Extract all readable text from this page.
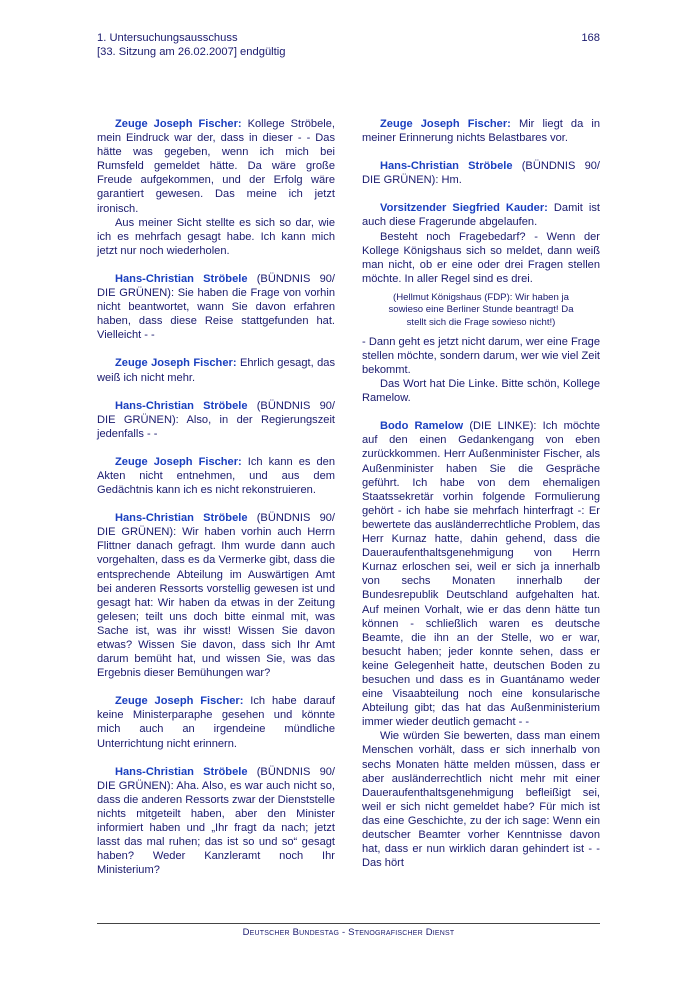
1. Untersuchungsausschuss	168
[33. Sitzung am 26.02.2007] endgültig

Zeuge Joseph Fischer: Kollege Ströbele, mein Eindruck war der, dass in dieser - - Das hätte was gegeben, wenn ich mich bei Rumsfeld gemeldet hätte. Da wäre große Freude aufgekommen, und der Erfolg wäre garantiert gewesen. Das meine ich jetzt ironisch.

Aus meiner Sicht stellte es sich so dar, wie ich es mehrfach gesagt habe. Ich kann mich jetzt nur noch wiederholen.

Hans-Christian Ströbele (BÜNDNIS 90/ DIE GRÜNEN): Sie haben die Frage von vorhin nicht beantwortet, wann Sie davon erfahren haben, dass diese Reise stattgefunden hat. Vielleicht - -

Zeuge Joseph Fischer: Ehrlich gesagt, das weiß ich nicht mehr.

Hans-Christian Ströbele (BÜNDNIS 90/ DIE GRÜNEN): Also, in der Regierungszeit jedenfalls - -

Zeuge Joseph Fischer: Ich kann es den Akten nicht entnehmen, und aus dem Gedächtnis kann ich es nicht rekonstruieren.

Hans-Christian Ströbele (BÜNDNIS 90/ DIE GRÜNEN): Wir haben vorhin auch Herrn Flittner danach gefragt. Ihm wurde dann auch vorgehalten, dass es da Vermerke gibt, dass die entsprechende Abteilung im Auswärtigen Amt bei anderen Ressorts vorstellig gewesen ist und gesagt hat: Wir haben da etwas in der Zeitung gelesen; teilt uns doch bitte einmal mit, was Sache ist, was ihr wisst! Wissen Sie davon etwas? Wissen Sie davon, dass sich Ihr Amt darum bemüht hat, und wissen Sie, was das Ergebnis dieser Bemühungen war?

Zeuge Joseph Fischer: Ich habe darauf keine Ministerparaphe gesehen und könnte mich auch an irgendeine mündliche Unterrichtung nicht erinnern.

Hans-Christian Ströbele (BÜNDNIS 90/ DIE GRÜNEN): Aha. Also, es war auch nicht so, dass die anderen Ressorts zwar der Dienststelle nichts mitgeteilt haben, aber den Minister informiert haben und „Ihr fragt da nach; jetzt lasst das mal ruhen; das ist so und so“ gesagt haben? Weder Kanzleramt noch Ihr Ministerium?

Zeuge Joseph Fischer: Mir liegt da in meiner Erinnerung nichts Belastbares vor.

Hans-Christian Ströbele (BÜNDNIS 90/ DIE GRÜNEN): Hm.

Vorsitzender Siegfried Kauder: Damit ist auch diese Fragerunde abgelaufen.

Besteht noch Fragebedarf? - Wenn der Kollege Königshaus sich so meldet, dann weiß man nicht, ob er eine oder drei Fragen stellen möchte. In aller Regel sind es drei.

(Hellmut Königshaus (FDP): Wir haben ja sowieso eine Berliner Stunde beantragt! Da stellt sich die Frage sowieso nicht!)

- Dann geht es jetzt nicht darum, wer eine Frage stellen möchte, sondern darum, wer wie viel Zeit bekommt.

Das Wort hat Die Linke. Bitte schön, Kollege Ramelow.

Bodo Ramelow (DIE LINKE): Ich möchte auf den einen Gedankengang von eben zurückkommen. Herr Außenminister Fischer, als Außenminister haben Sie die Gespräche geführt. Ich habe von dem ehemaligen Staatssekretär vorhin folgende Formulierung gehört - ich habe sie mehrfach hinterfragt -: Er bewertete das ausländerrechtliche Problem, das Herr Kurnaz hatte, dahin gehend, dass die Daueraufenthaltsgenehmigung von Herrn Kurnaz erloschen sei, weil er sich ja innerhalb von sechs Monaten innerhalb der Bundesrepublik Deutschland aufgehalten hat. Auf meinen Vorhalt, wie er das denn hätte tun können - schließlich waren es deutsche Beamte, die ihn an der Stelle, wo er war, besucht haben; jeder konnte sehen, dass er keine Gelegenheit hatte, deutschen Boden zu besuchen und dass es in Guantánamo weder eine Visaabteilung noch eine konsularische Abteilung gibt; das hat das Außenministerium immer wieder deutlich gemacht - -

Wie würden Sie bewerten, dass man einem Menschen vorhält, dass er sich innerhalb von sechs Monaten hätte melden müssen, dass er aber ausländerrechtlich nicht mehr mit einer Daueraufenthaltsgenehmigung befleißigt sei, weil er sich nicht gemeldet habe? Für mich ist das eine Geschichte, zu der ich sage: Wenn ein deutscher Beamter vorher Kenntnisse davon hat, dass er nun wirklich daran gehindert ist - - Das hört

Deutscher Bundestag - Stenografischer Dienst
